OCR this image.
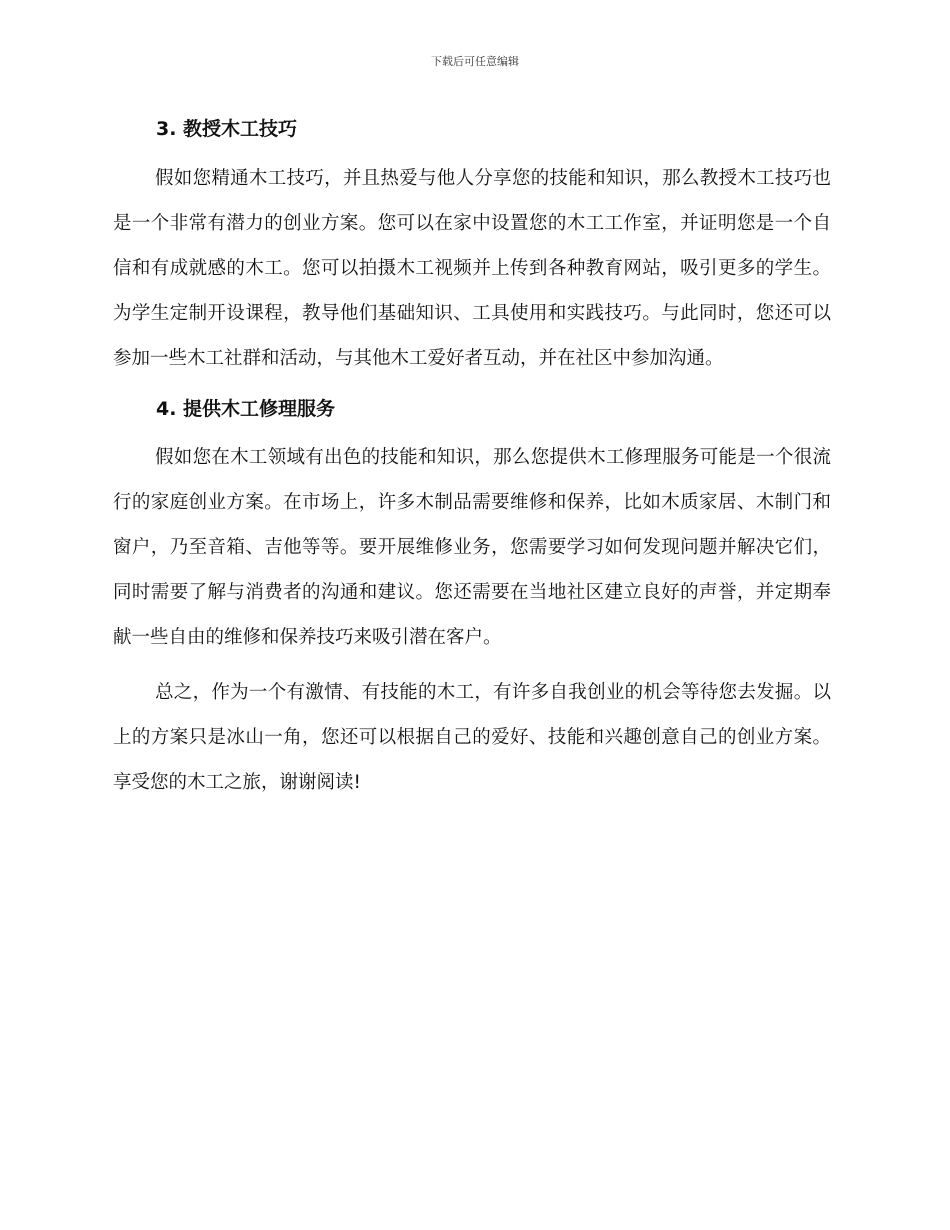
下载后可任意编辑
3. 教授木工技巧

假如您精通木工技巧，并且热爱与他人分享您的技能和知识，那么教授木工技巧也是一个非常有潜力的创业方案。您可以在家中设置您的木工工作室，并证明您是一个自信和有成就感的木工。您可以拍摄木工视频并上传到各种教育网站，吸引更多的学生。为学生定制开设课程，教导他们基础知识、工具使用和实践技巧。与此同时，您还可以参加一些木工社群和活动，与其他木工爱好者互动，并在社区中参加沟通。

4. 提供木工修理服务

假如您在木工领域有出色的技能和知识，那么您提供木工修理服务可能是一个很流行的家庭创业方案。在市场上，许多木制品需要维修和保养，比如木质家居、木制门和窗户，乃至音箱、吉他等等。要开展维修业务，您需要学习如何发现问题并解决它们，同时需要了解与消费者的沟通和建议。您还需要在当地社区建立良好的声誉，并定期奉献一些自由的维修和保养技巧来吸引潜在客户。

总之，作为一个有激情、有技能的木工，有许多自我创业的机会等待您去发掘。以上的方案只是冰山一角，您还可以根据自己的爱好、技能和兴趣创意自己的创业方案。享受您的木工之旅，谢谢阅读!
